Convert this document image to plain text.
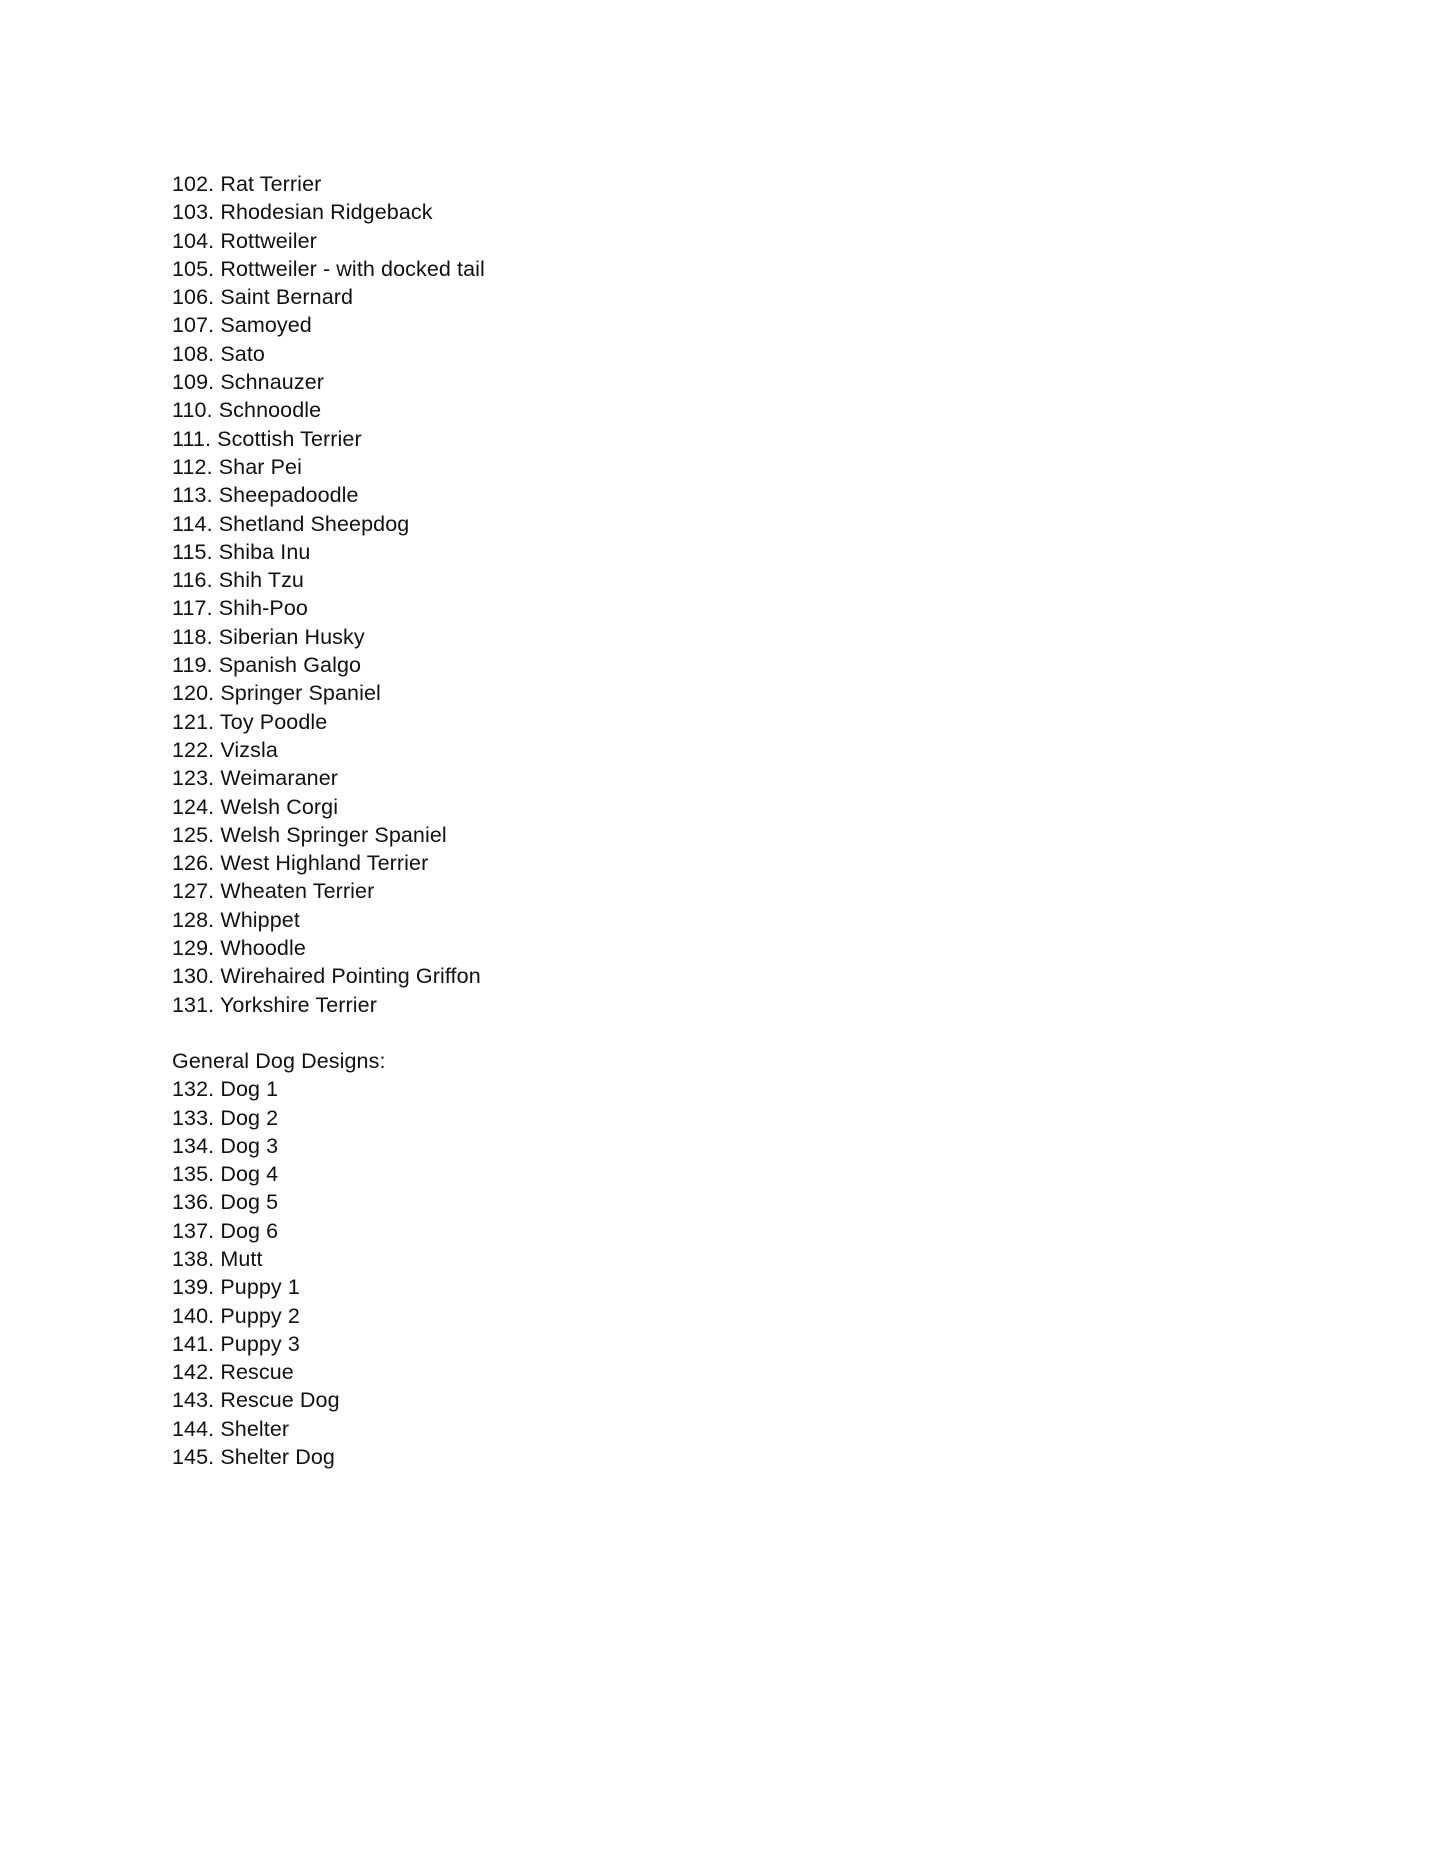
102. Rat Terrier
103. Rhodesian Ridgeback
104. Rottweiler
105. Rottweiler - with docked tail
106. Saint Bernard
107. Samoyed
108. Sato
109. Schnauzer
110. Schnoodle
111. Scottish Terrier
112. Shar Pei
113. Sheepadoodle
114. Shetland Sheepdog
115. Shiba Inu
116. Shih Tzu
117. Shih-Poo
118. Siberian Husky
119. Spanish Galgo
120. Springer Spaniel
121. Toy Poodle
122. Vizsla
123. Weimaraner
124. Welsh Corgi
125. Welsh Springer Spaniel
126. West Highland Terrier
127. Wheaten Terrier
128. Whippet
129. Whoodle
130. Wirehaired Pointing Griffon
131. Yorkshire Terrier
General Dog Designs:
132. Dog 1
133. Dog 2
134. Dog 3
135. Dog 4
136. Dog 5
137. Dog 6
138. Mutt
139. Puppy 1
140. Puppy 2
141. Puppy 3
142. Rescue
143. Rescue Dog
144. Shelter
145. Shelter Dog
